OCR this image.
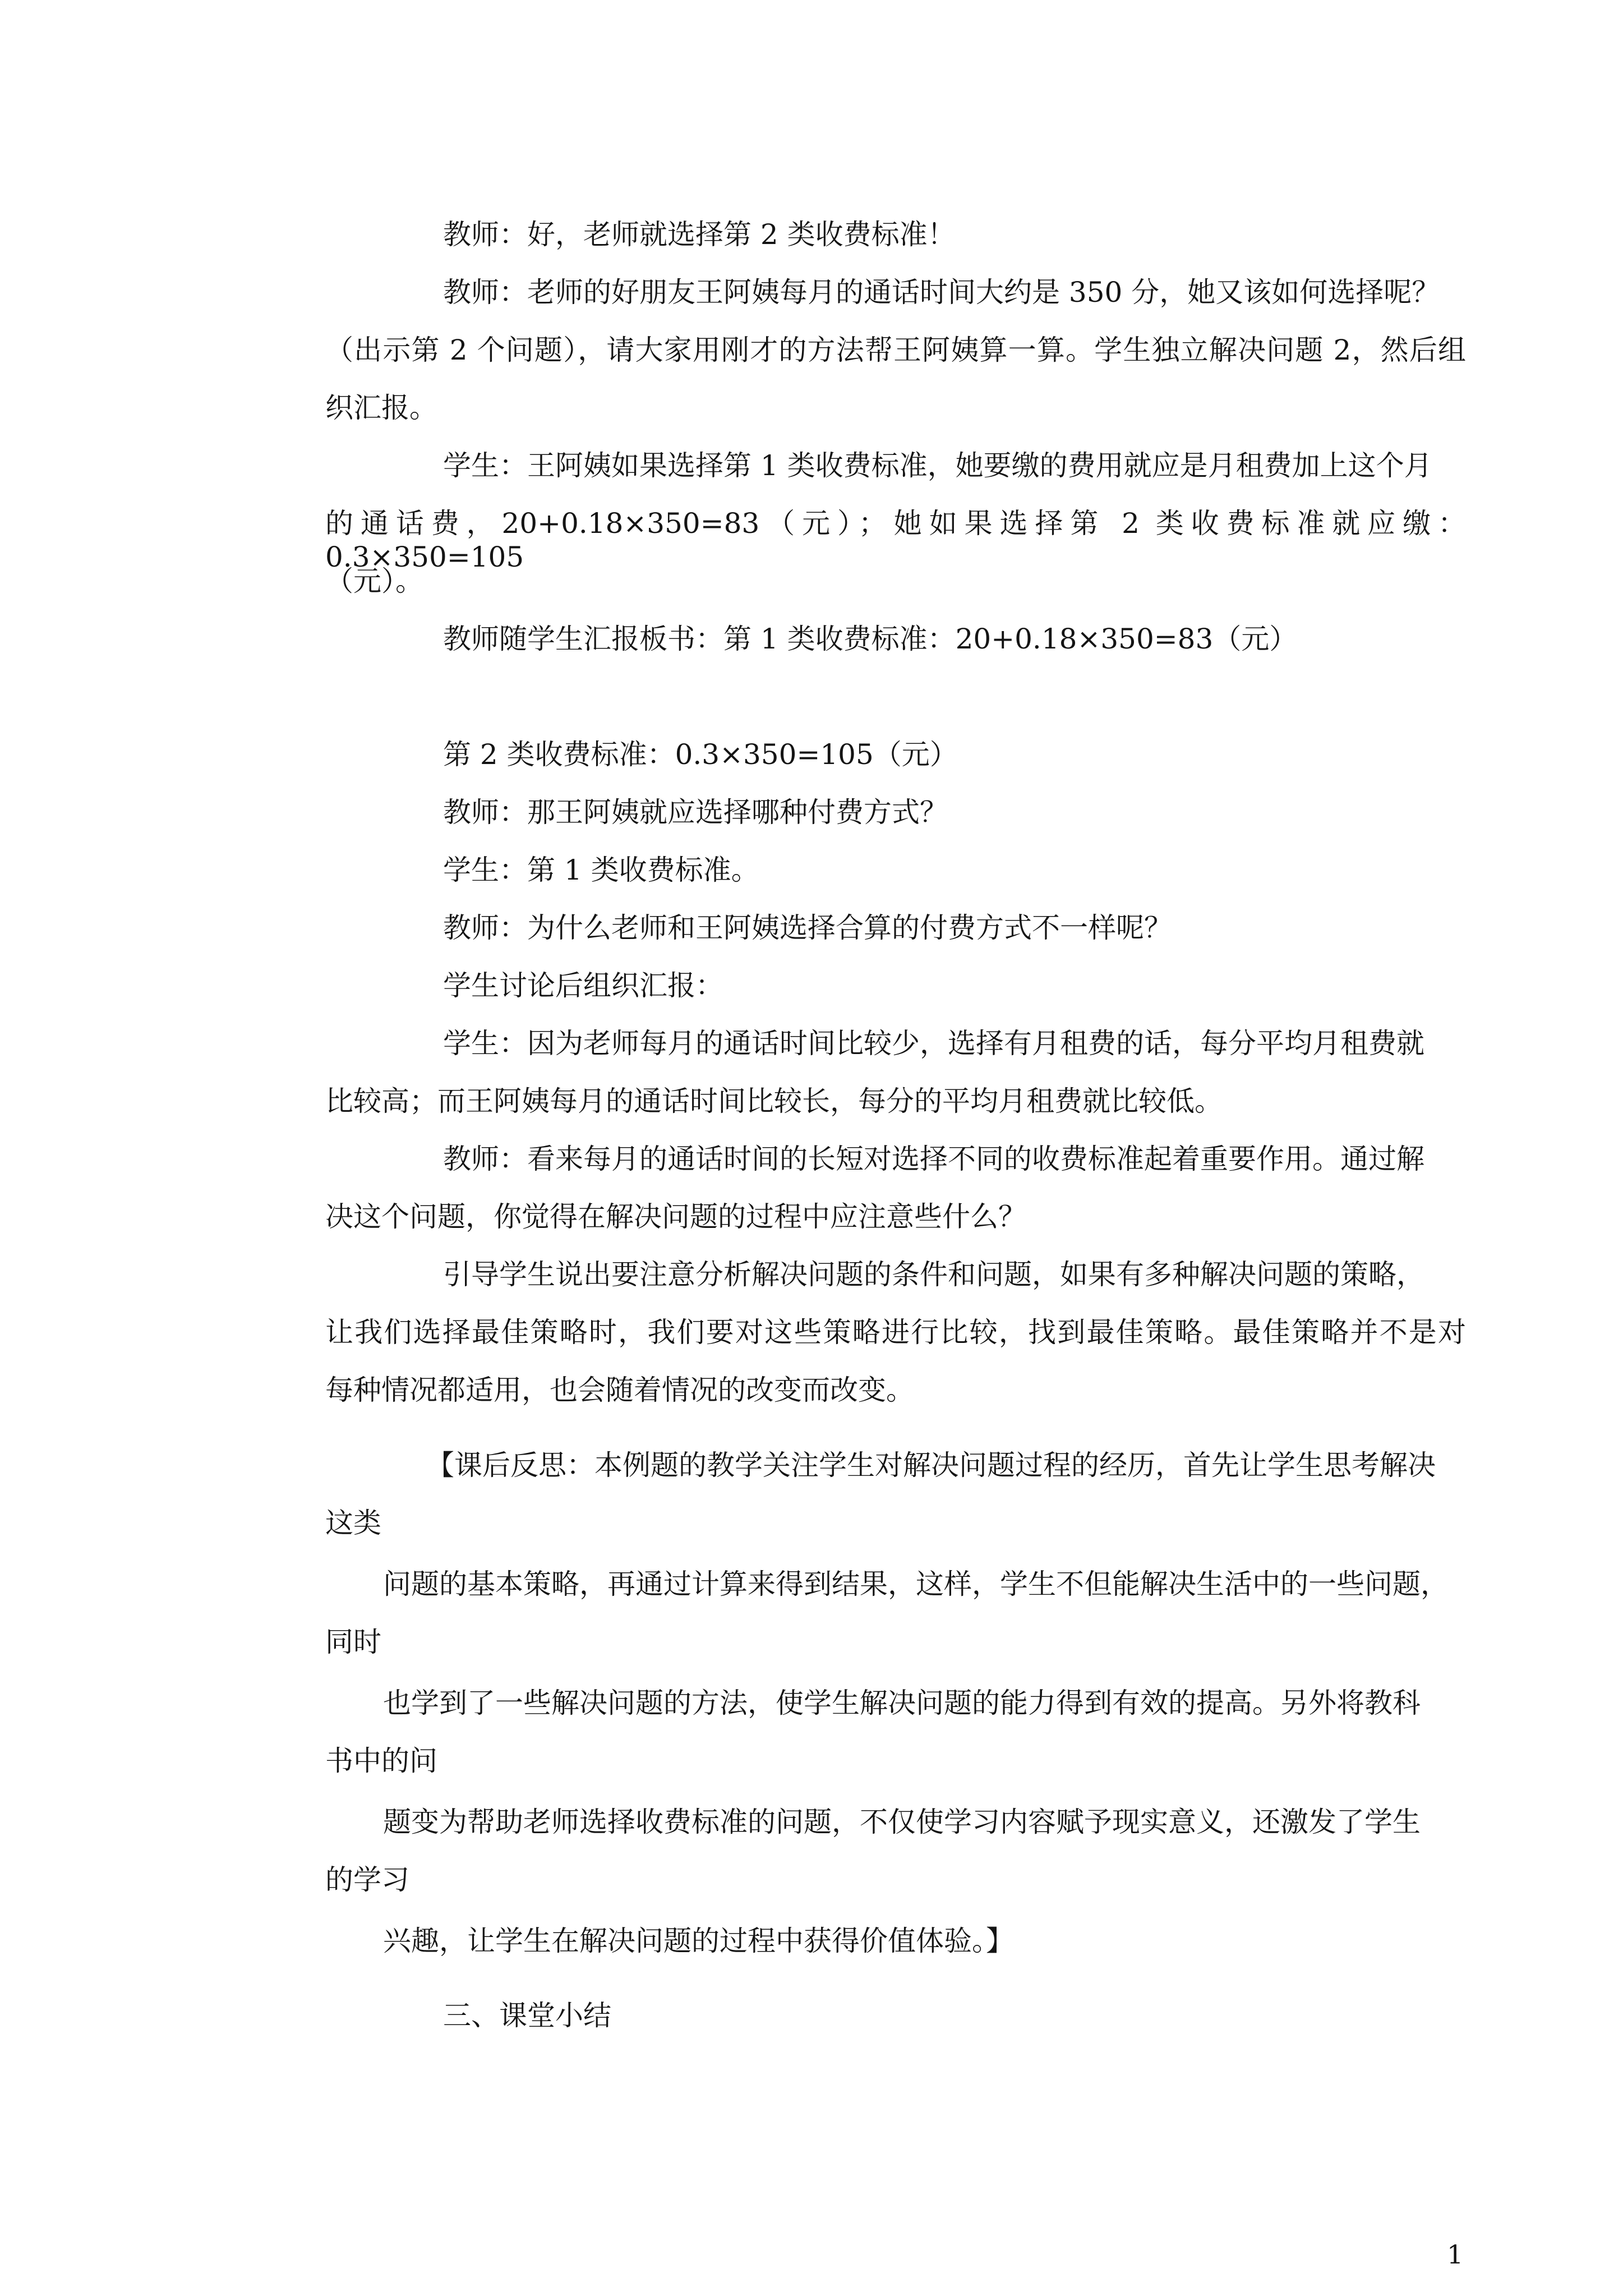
教师：好，老师就选择第 2 类收费标准！

教师：老师的好朋友王阿姨每月的通话时间大约是 350 分，她又该如何选择呢？

（出示第 2 个问题），请大家用刚才的方法帮王阿姨算一算。学生独立解决问题 2，然后组

织汇报。

学生：王阿姨如果选择第 1 类收费标准，她要缴的费用就应是月租费加上这个月

的通话费，20+0.18×350=83（元）；她如果选择第 2 类收费标准就应缴：0.3×350=105

（元）。

教师随学生汇报板书：第 1 类收费标准：20+0.18×350=83（元）

第 2 类收费标准：0.3×350=105（元）

教师：那王阿姨就应选择哪种付费方式？

学生：第 1 类收费标准。

教师：为什么老师和王阿姨选择合算的付费方式不一样呢？

学生讨论后组织汇报：

学生：因为老师每月的通话时间比较少，选择有月租费的话，每分平均月租费就

比较高；而王阿姨每月的通话时间比较长，每分的平均月租费就比较低。

教师：看来每月的通话时间的长短对选择不同的收费标准起着重要作用。通过解

决这个问题，你觉得在解决问题的过程中应注意些什么？

引导学生说出要注意分析解决问题的条件和问题，如果有多种解决问题的策略，

让我们选择最佳策略时，我们要对这些策略进行比较，找到最佳策略。最佳策略并不是对

每种情况都适用，也会随着情况的改变而改变。

【课后反思：本例题的教学关注学生对解决问题过程的经历，首先让学生思考解决

这类

问题的基本策略，再通过计算来得到结果，这样，学生不但能解决生活中的一些问题，

同时

也学到了一些解决问题的方法，使学生解决问题的能力得到有效的提高。另外将教科

书中的问

题变为帮助老师选择收费标准的问题，不仅使学习内容赋予现实意义，还激发了学生

的学习

兴趣，让学生在解决问题的过程中获得价值体验。】

三、课堂小结

1
